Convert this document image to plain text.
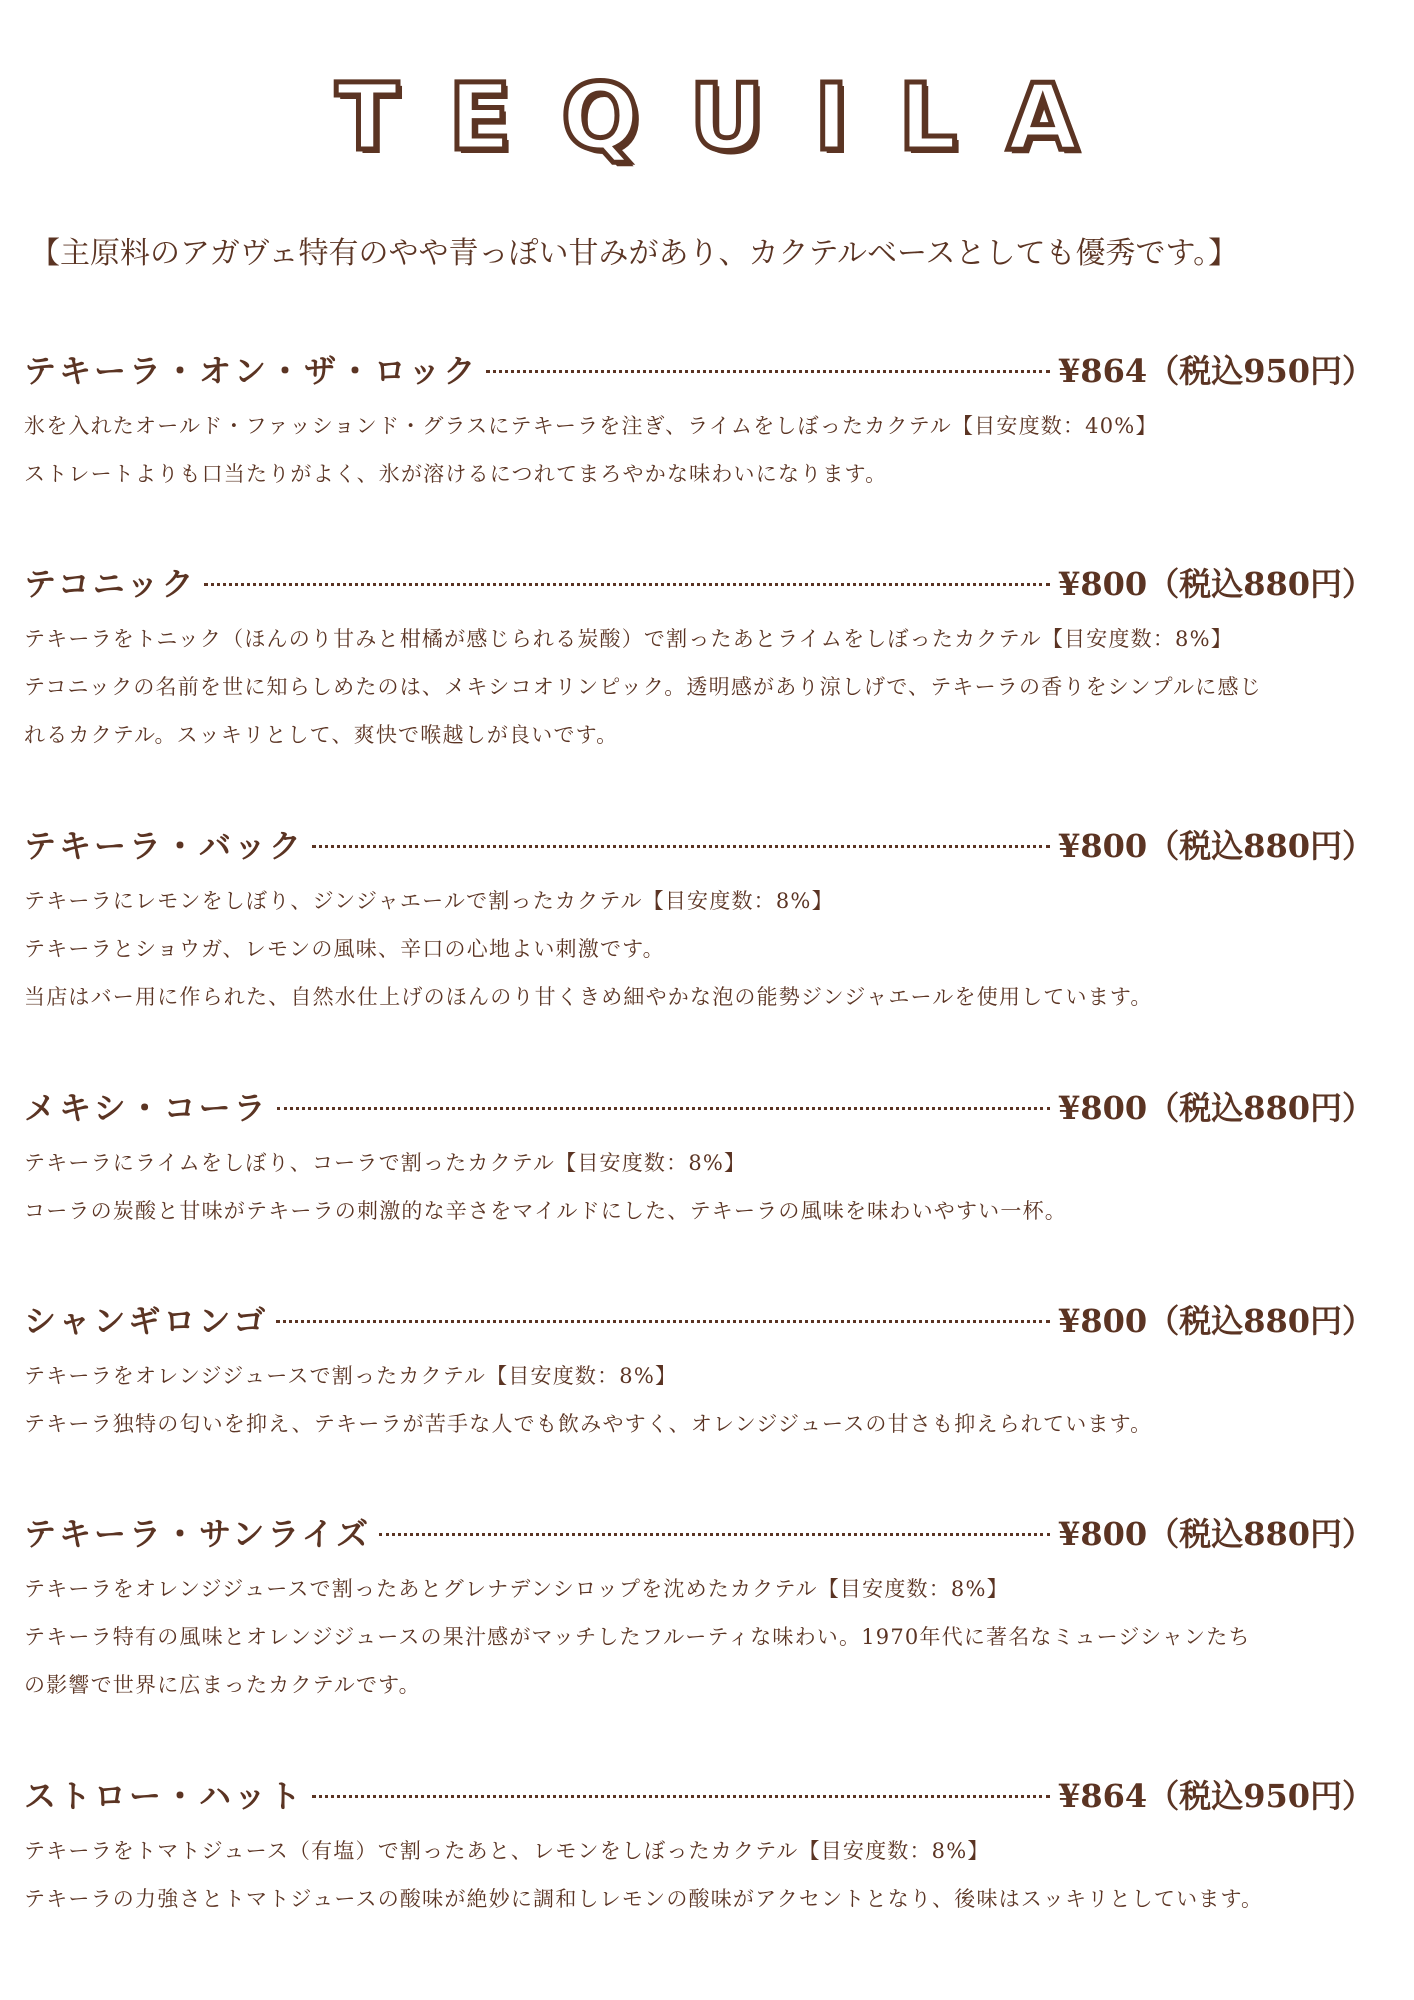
TEQUILA
【主原料のアガヴェ特有のやや青っぽい甘みがあり、カクテルベースとしても優秀です。】
テキーラ・オン・ザ・ロック	¥864（税込950円）
氷を入れたオールド・ファッションド・グラスにテキーラを注ぎ、ライムをしぼったカクテル【目安度数：40%】
ストレートよりも口当たりがよく、氷が溶けるにつれてまろやかな味わいになります。
テコニック	¥800（税込880円）
テキーラをトニック（ほんのり甘みと柑橘が感じられる炭酸）で割ったあとライムをしぼったカクテル【目安度数：8%】
テコニックの名前を世に知らしめたのは、メキシコオリンピック。透明感があり涼しげで、テキーラの香りをシンプルに感じ
れるカクテル。スッキリとして、爽快で喉越しが良いです。
テキーラ・バック	¥800（税込880円）
テキーラにレモンをしぼり、ジンジャエールで割ったカクテル【目安度数：8%】
テキーラとショウガ、レモンの風味、辛口の心地よい刺激です。
当店はバー用に作られた、自然水仕上げのほんのり甘くきめ細やかな泡の能勢ジンジャエールを使用しています。
メキシ・コーラ	¥800（税込880円）
テキーラにライムをしぼり、コーラで割ったカクテル【目安度数：8%】
コーラの炭酸と甘味がテキーラの刺激的な辛さをマイルドにした、テキーラの風味を味わいやすい一杯。
シャンギロンゴ	¥800（税込880円）
テキーラをオレンジジュースで割ったカクテル【目安度数：8%】
テキーラ独特の匂いを抑え、テキーラが苦手な人でも飲みやすく、オレンジジュースの甘さも抑えられています。
テキーラ・サンライズ	¥800（税込880円）
テキーラをオレンジジュースで割ったあとグレナデンシロップを沈めたカクテル【目安度数：8%】
テキーラ特有の風味とオレンジジュースの果汁感がマッチしたフルーティな味わい。1970年代に著名なミュージシャンたち
の影響で世界に広まったカクテルです。
ストロー・ハット	¥864（税込950円）
テキーラをトマトジュース（有塩）で割ったあと、レモンをしぼったカクテル【目安度数：8%】
テキーラの力強さとトマトジュースの酸味が絶妙に調和しレモンの酸味がアクセントとなり、後味はスッキリとしています。
